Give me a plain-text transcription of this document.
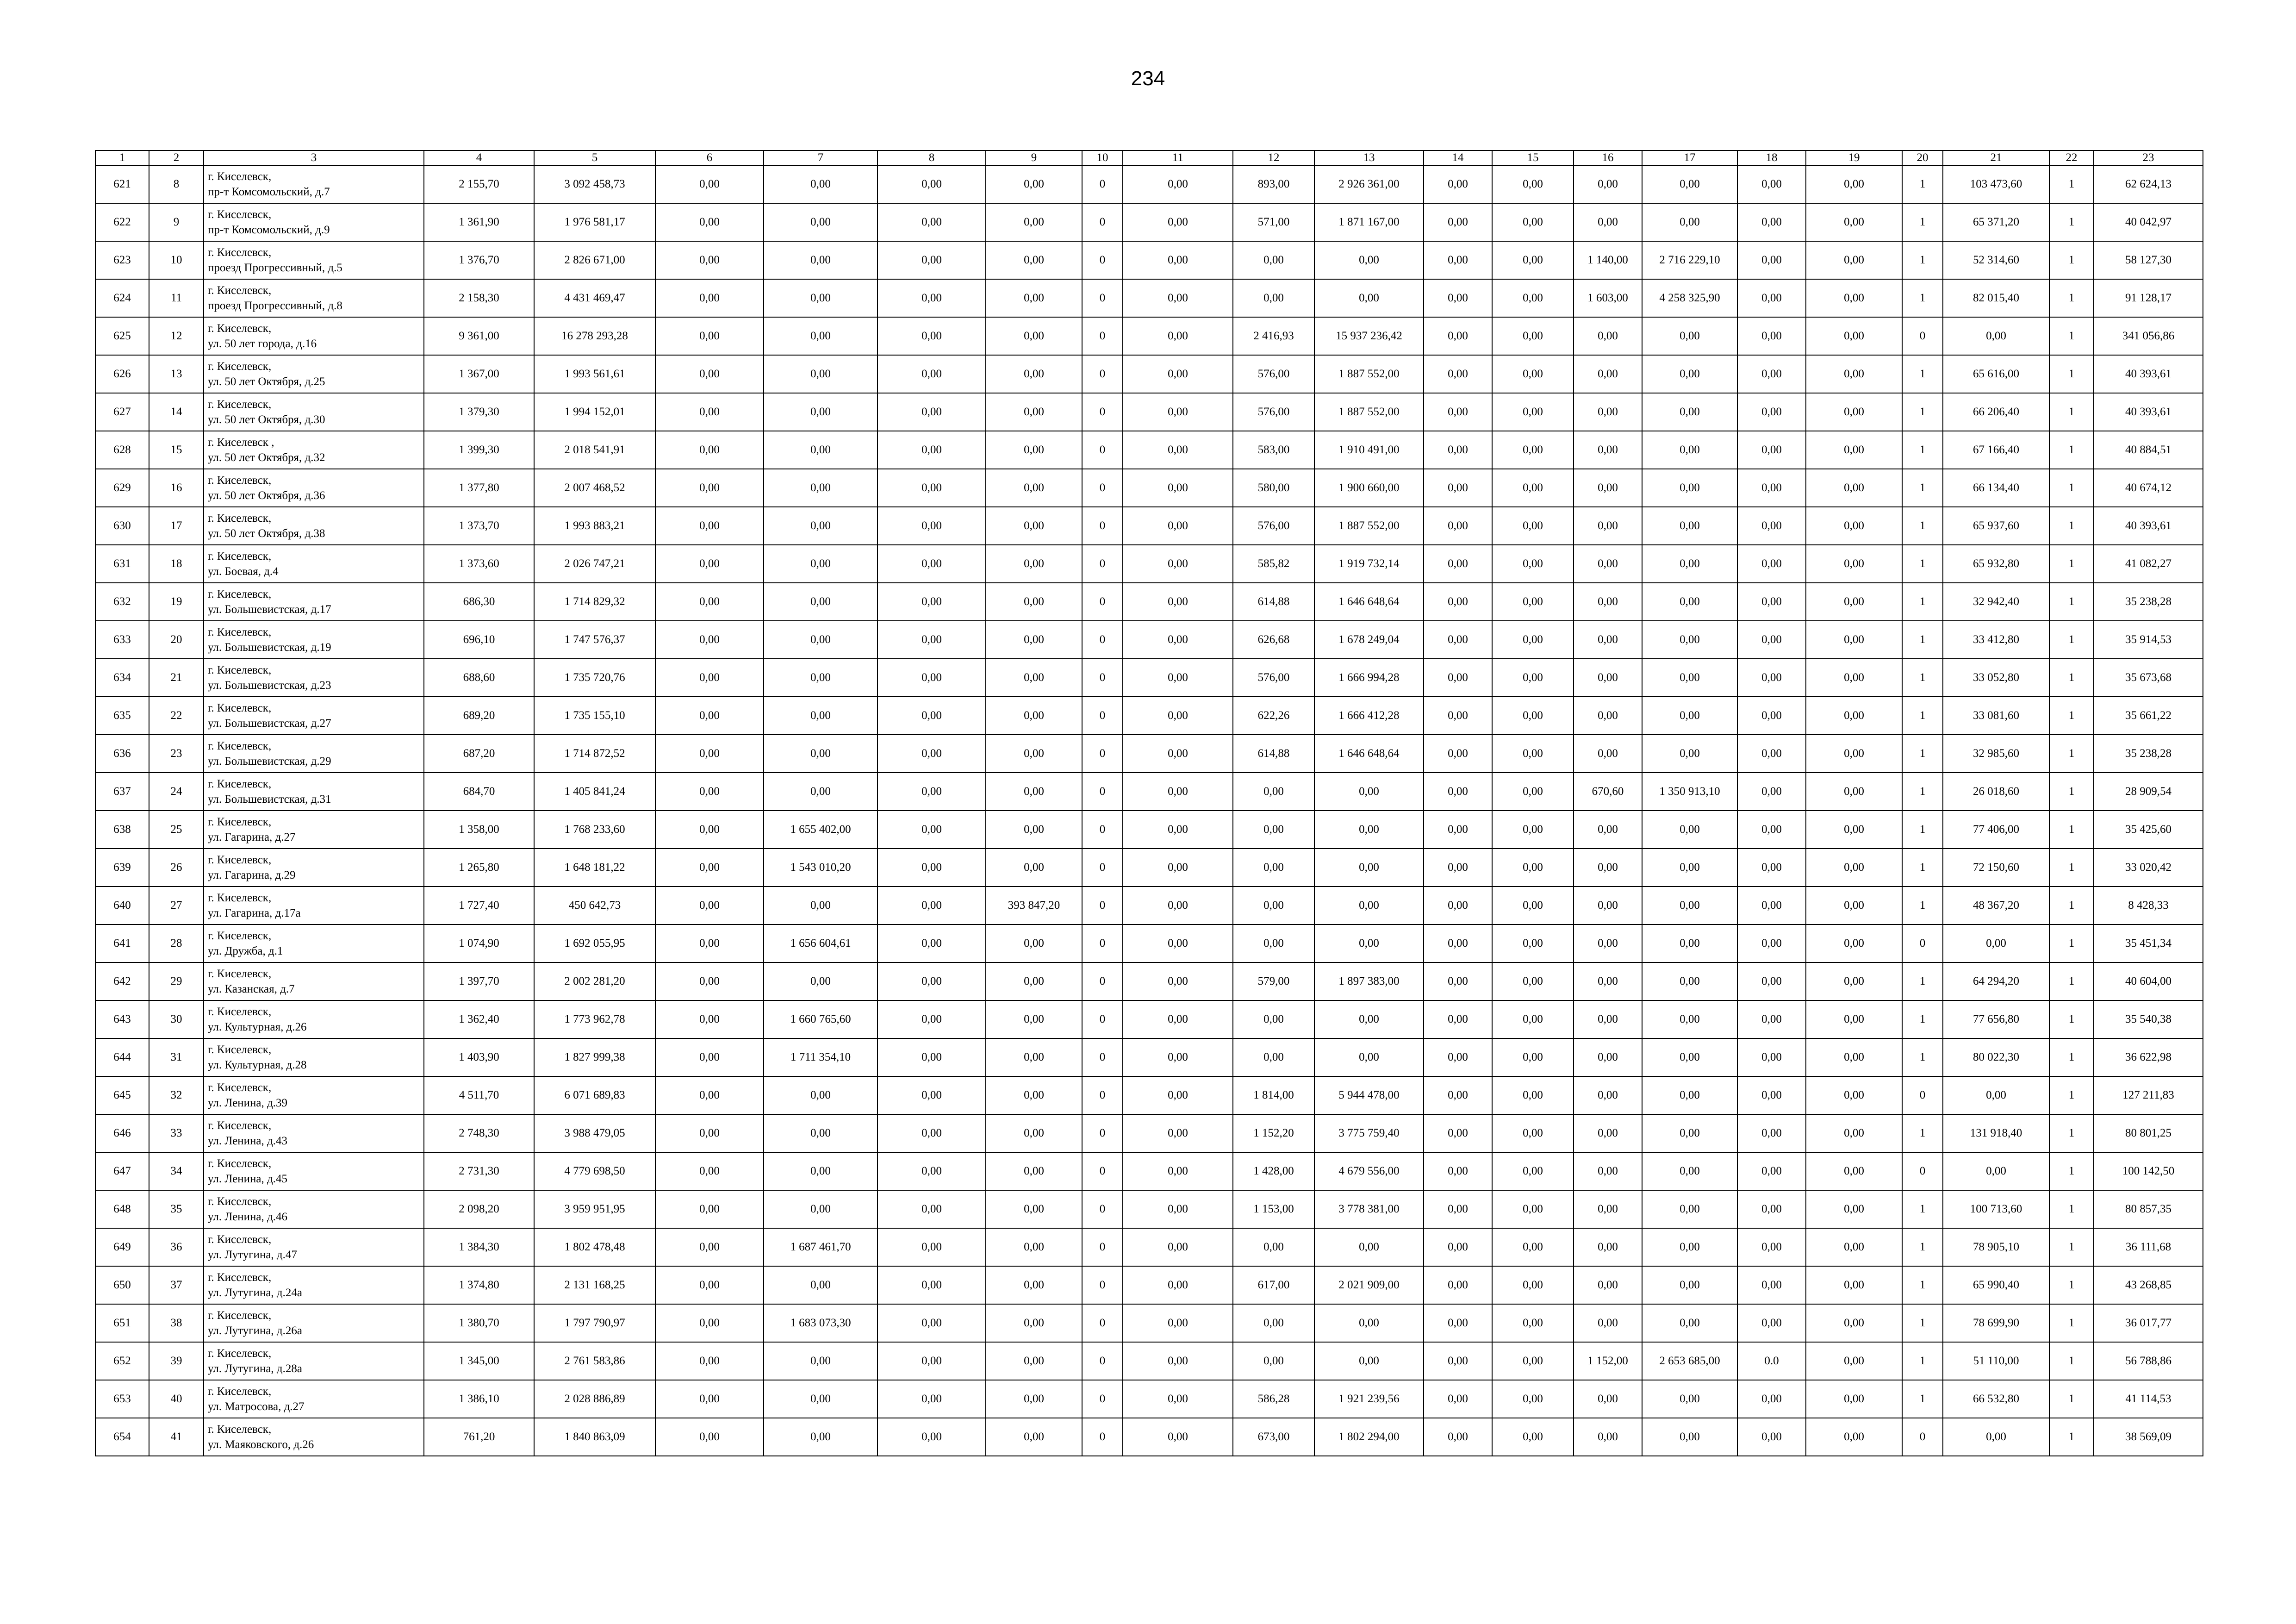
234
1	2	3	4	5	6	7	8	9	10	11	12	13	14	15	16	17	18	19	20	21	22	23
621	8	г. Киселевск,
пр-т Комсомольский, д.7	2 155,70	3 092 458,73	0,00	0,00	0,00	0,00	0	0,00	893,00	2 926 361,00	0,00	0,00	0,00	0,00	0,00	0,00	1	103 473,60	1	62 624,13
622	9	г. Киселевск,
пр-т Комсомольский, д.9	1 361,90	1 976 581,17	0,00	0,00	0,00	0,00	0	0,00	571,00	1 871 167,00	0,00	0,00	0,00	0,00	0,00	0,00	1	65 371,20	1	40 042,97
623	10	г. Киселевск,
проезд Прогрессивный, д.5	1 376,70	2 826 671,00	0,00	0,00	0,00	0,00	0	0,00	0,00	0,00	0,00	0,00	1 140,00	2 716 229,10	0,00	0,00	1	52 314,60	1	58 127,30
624	11	г. Киселевск,
проезд Прогрессивный, д.8	2 158,30	4 431 469,47	0,00	0,00	0,00	0,00	0	0,00	0,00	0,00	0,00	0,00	1 603,00	4 258 325,90	0,00	0,00	1	82 015,40	1	91 128,17
625	12	г. Киселевск,
ул. 50 лет города, д.16	9 361,00	16 278 293,28	0,00	0,00	0,00	0,00	0	0,00	2 416,93	15 937 236,42	0,00	0,00	0,00	0,00	0,00	0,00	0	0,00	1	341 056,86
626	13	г. Киселевск,
ул. 50 лет Октября, д.25	1 367,00	1 993 561,61	0,00	0,00	0,00	0,00	0	0,00	576,00	1 887 552,00	0,00	0,00	0,00	0,00	0,00	0,00	1	65 616,00	1	40 393,61
627	14	г. Киселевск,
ул. 50 лет Октября, д.30	1 379,30	1 994 152,01	0,00	0,00	0,00	0,00	0	0,00	576,00	1 887 552,00	0,00	0,00	0,00	0,00	0,00	0,00	1	66 206,40	1	40 393,61
628	15	г. Киселевск ,
ул. 50 лет Октября, д.32	1 399,30	2 018 541,91	0,00	0,00	0,00	0,00	0	0,00	583,00	1 910 491,00	0,00	0,00	0,00	0,00	0,00	0,00	1	67 166,40	1	40 884,51
629	16	г. Киселевск,
ул. 50 лет Октября, д.36	1 377,80	2 007 468,52	0,00	0,00	0,00	0,00	0	0,00	580,00	1 900 660,00	0,00	0,00	0,00	0,00	0,00	0,00	1	66 134,40	1	40 674,12
630	17	г. Киселевск,
ул. 50 лет Октября, д.38	1 373,70	1 993 883,21	0,00	0,00	0,00	0,00	0	0,00	576,00	1 887 552,00	0,00	0,00	0,00	0,00	0,00	0,00	1	65 937,60	1	40 393,61
631	18	г. Киселевск,
ул. Боевая, д.4	1 373,60	2 026 747,21	0,00	0,00	0,00	0,00	0	0,00	585,82	1 919 732,14	0,00	0,00	0,00	0,00	0,00	0,00	1	65 932,80	1	41 082,27
632	19	г. Киселевск,
ул. Большевистская, д.17	686,30	1 714 829,32	0,00	0,00	0,00	0,00	0	0,00	614,88	1 646 648,64	0,00	0,00	0,00	0,00	0,00	0,00	1	32 942,40	1	35 238,28
633	20	г. Киселевск,
ул. Большевистская, д.19	696,10	1 747 576,37	0,00	0,00	0,00	0,00	0	0,00	626,68	1 678 249,04	0,00	0,00	0,00	0,00	0,00	0,00	1	33 412,80	1	35 914,53
634	21	г. Киселевск,
ул. Большевистская, д.23	688,60	1 735 720,76	0,00	0,00	0,00	0,00	0	0,00	576,00	1 666 994,28	0,00	0,00	0,00	0,00	0,00	0,00	1	33 052,80	1	35 673,68
635	22	г. Киселевск,
ул. Большевистская, д.27	689,20	1 735 155,10	0,00	0,00	0,00	0,00	0	0,00	622,26	1 666 412,28	0,00	0,00	0,00	0,00	0,00	0,00	1	33 081,60	1	35 661,22
636	23	г. Киселевск,
ул. Большевистская, д.29	687,20	1 714 872,52	0,00	0,00	0,00	0,00	0	0,00	614,88	1 646 648,64	0,00	0,00	0,00	0,00	0,00	0,00	1	32 985,60	1	35 238,28
637	24	г. Киселевск,
ул. Большевистская, д.31	684,70	1 405 841,24	0,00	0,00	0,00	0,00	0	0,00	0,00	0,00	0,00	0,00	670,60	1 350 913,10	0,00	0,00	1	26 018,60	1	28 909,54
638	25	г. Киселевск,
ул. Гагарина, д.27	1 358,00	1 768 233,60	0,00	1 655 402,00	0,00	0,00	0	0,00	0,00	0,00	0,00	0,00	0,00	0,00	0,00	0,00	1	77 406,00	1	35 425,60
639	26	г. Киселевск,
ул. Гагарина, д.29	1 265,80	1 648 181,22	0,00	1 543 010,20	0,00	0,00	0	0,00	0,00	0,00	0,00	0,00	0,00	0,00	0,00	0,00	1	72 150,60	1	33 020,42
640	27	г. Киселевск,
ул. Гагарина, д.17а	1 727,40	450 642,73	0,00	0,00	0,00	393 847,20	0	0,00	0,00	0,00	0,00	0,00	0,00	0,00	0,00	0,00	1	48 367,20	1	8 428,33
641	28	г. Киселевск,
ул. Дружба, д.1	1 074,90	1 692 055,95	0,00	1 656 604,61	0,00	0,00	0	0,00	0,00	0,00	0,00	0,00	0,00	0,00	0,00	0,00	0	0,00	1	35 451,34
642	29	г. Киселевск,
ул. Казанская, д.7	1 397,70	2 002 281,20	0,00	0,00	0,00	0,00	0	0,00	579,00	1 897 383,00	0,00	0,00	0,00	0,00	0,00	0,00	1	64 294,20	1	40 604,00
643	30	г. Киселевск,
ул. Культурная, д.26	1 362,40	1 773 962,78	0,00	1 660 765,60	0,00	0,00	0	0,00	0,00	0,00	0,00	0,00	0,00	0,00	0,00	0,00	1	77 656,80	1	35 540,38
644	31	г. Киселевск,
ул. Культурная, д.28	1 403,90	1 827 999,38	0,00	1 711 354,10	0,00	0,00	0	0,00	0,00	0,00	0,00	0,00	0,00	0,00	0,00	0,00	1	80 022,30	1	36 622,98
645	32	г. Киселевск,
ул. Ленина, д.39	4 511,70	6 071 689,83	0,00	0,00	0,00	0,00	0	0,00	1 814,00	5 944 478,00	0,00	0,00	0,00	0,00	0,00	0,00	0	0,00	1	127 211,83
646	33	г. Киселевск,
ул. Ленина, д.43	2 748,30	3 988 479,05	0,00	0,00	0,00	0,00	0	0,00	1 152,20	3 775 759,40	0,00	0,00	0,00	0,00	0,00	0,00	1	131 918,40	1	80 801,25
647	34	г. Киселевск,
ул. Ленина, д.45	2 731,30	4 779 698,50	0,00	0,00	0,00	0,00	0	0,00	1 428,00	4 679 556,00	0,00	0,00	0,00	0,00	0,00	0,00	0	0,00	1	100 142,50
648	35	г. Киселевск,
ул. Ленина, д.46	2 098,20	3 959 951,95	0,00	0,00	0,00	0,00	0	0,00	1 153,00	3 778 381,00	0,00	0,00	0,00	0,00	0,00	0,00	1	100 713,60	1	80 857,35
649	36	г. Киселевск,
ул. Лутугина, д.47	1 384,30	1 802 478,48	0,00	1 687 461,70	0,00	0,00	0	0,00	0,00	0,00	0,00	0,00	0,00	0,00	0,00	0,00	1	78 905,10	1	36 111,68
650	37	г. Киселевск,
ул. Лутугина, д.24а	1 374,80	2 131 168,25	0,00	0,00	0,00	0,00	0	0,00	617,00	2 021 909,00	0,00	0,00	0,00	0,00	0,00	0,00	1	65 990,40	1	43 268,85
651	38	г. Киселевск,
ул. Лутугина, д.26а	1 380,70	1 797 790,97	0,00	1 683 073,30	0,00	0,00	0	0,00	0,00	0,00	0,00	0,00	0,00	0,00	0,00	0,00	1	78 699,90	1	36 017,77
652	39	г. Киселевск,
ул. Лутугина, д.28а	1 345,00	2 761 583,86	0,00	0,00	0,00	0,00	0	0,00	0,00	0,00	0,00	0,00	1 152,00	2 653 685,00	0.0	0,00	1	51 110,00	1	56 788,86
653	40	г. Киселевск,
ул. Матросова, д.27	1 386,10	2 028 886,89	0,00	0,00	0,00	0,00	0	0,00	586,28	1 921 239,56	0,00	0,00	0,00	0,00	0,00	0,00	1	66 532,80	1	41 114,53
654	41	г. Киселевск,
ул. Маяковского, д.26	761,20	1 840 863,09	0,00	0,00	0,00	0,00	0	0,00	673,00	1 802 294,00	0,00	0,00	0,00	0,00	0,00	0,00	0	0,00	1	38 569,09
